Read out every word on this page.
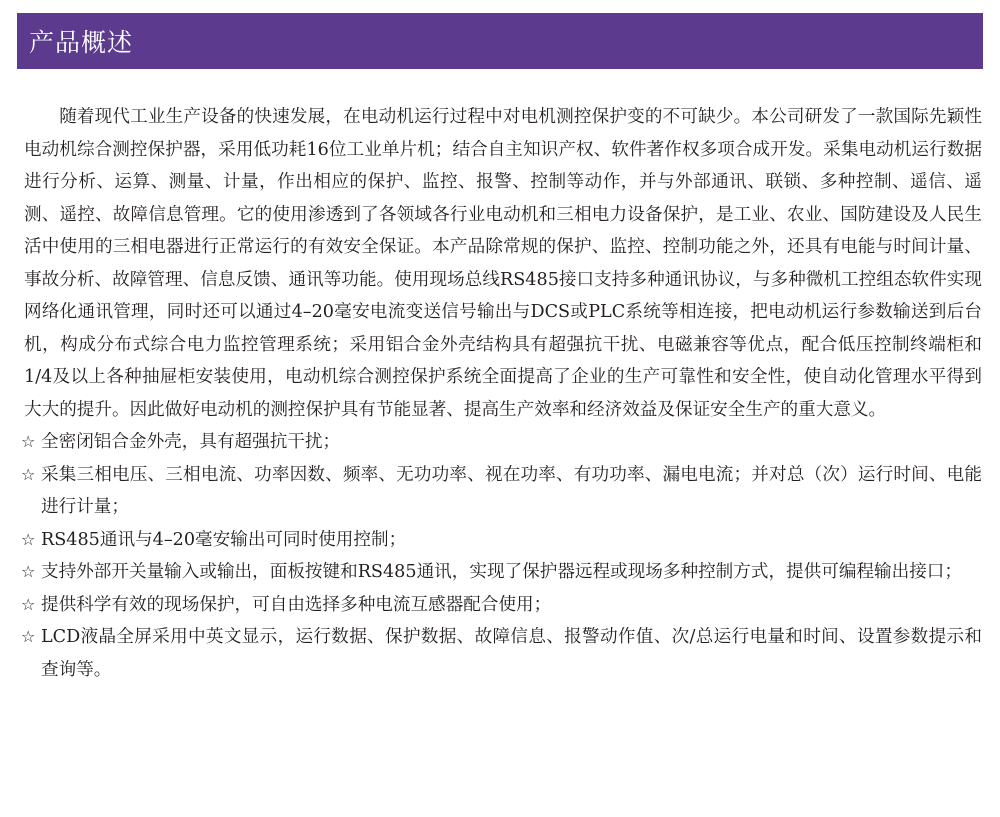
产品概述

随着现代工业生产设备的快速发展，在电动机运行过程中对电机测控保护变的不可缺少。本公司研发了一款国际先颖性电动机综合测控保护器，采用低功耗16位工业单片机；结合自主知识产权、软件著作权多项合成开发。采集电动机运行数据进行分析、运算、测量、计量，作出相应的保护、监控、报警、控制等动作，并与外部通讯、联锁、多种控制、遥信、遥测、遥控、故障信息管理。它的使用渗透到了各领域各行业电动机和三相电力设备保护，是工业、农业、国防建设及人民生活中使用的三相电器进行正常运行的有效安全保证。本产品除常规的保护、监控、控制功能之外，还具有电能与时间计量、事故分析、故障管理、信息反馈、通讯等功能。使用现场总线RS485接口支持多种通讯协议，与多种微机工控组态软件实现网络化通讯管理，同时还可以通过4–20毫安电流变送信号输出与DCS或PLC系统等相连接，把电动机运行参数输送到后台机，构成分布式综合电力监控管理系统；采用铝合金外壳结构具有超强抗干扰、电磁兼容等优点，配合低压控制终端柜和1/4及以上各种抽屉柜安装使用，电动机综合测控保护系统全面提高了企业的生产可靠性和安全性，使自动化管理水平得到大大的提升。因此做好电动机的测控保护具有节能显著、提高生产效率和经济效益及保证安全生产的重大意义。

☆ 全密闭铝合金外壳，具有超强抗干扰；
☆ 采集三相电压、三相电流、功率因数、频率、无功功率、视在功率、有功功率、漏电电流；并对总（次）运行时间、电能进行计量；
☆ RS485通讯与4–20毫安输出可同时使用控制；
☆ 支持外部开关量输入或输出，面板按键和RS485通讯，实现了保护器远程或现场多种控制方式，提供可编程输出接口；
☆ 提供科学有效的现场保护，可自由选择多种电流互感器配合使用；
☆ LCD液晶全屏采用中英文显示，运行数据、保护数据、故障信息、报警动作值、次/总运行电量和时间、设置参数提示和查询等。
